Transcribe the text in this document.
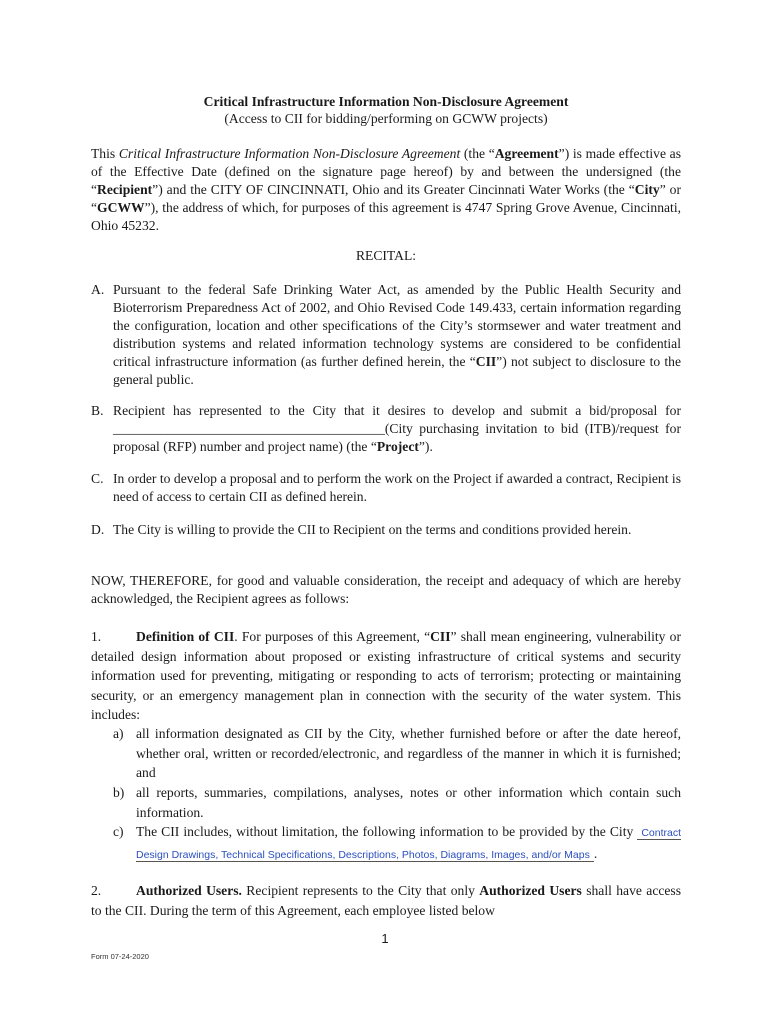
Critical Infrastructure Information Non-Disclosure Agreement
(Access to CII for bidding/performing on GCWW projects)
This Critical Infrastructure Information Non-Disclosure Agreement (the “Agreement”) is made effective as of the Effective Date (defined on the signature page hereof) by and between the undersigned (the “Recipient”) and the CITY OF CINCINNATI, Ohio and its Greater Cincinnati Water Works (the “City” or “GCWW”), the address of which, for purposes of this agreement is 4747 Spring Grove Avenue, Cincinnati, Ohio 45232.
RECITAL:
A. Pursuant to the federal Safe Drinking Water Act, as amended by the Public Health Security and Bioterrorism Preparedness Act of 2002, and Ohio Revised Code 149.433, certain information regarding the configuration, location and other specifications of the City’s stormsewer and water treatment and distribution systems and related information technology systems are considered to be confidential critical infrastructure information (as further defined herein, the “CII”) not subject to disclosure to the general public.
B. Recipient has represented to the City that it desires to develop and submit a bid/proposal for ________________________________________(City purchasing invitation to bid (ITB)/request for proposal (RFP) number and project name) (the “Project”).
C. In order to develop a proposal and to perform the work on the Project if awarded a contract, Recipient is need of access to certain CII as defined herein.
D. The City is willing to provide the CII to Recipient on the terms and conditions provided herein.
NOW, THEREFORE, for good and valuable consideration, the receipt and adequacy of which are hereby acknowledged, the Recipient agrees as follows:
1.	Definition of CII. For purposes of this Agreement, “CII” shall mean engineering, vulnerability or detailed design information about proposed or existing infrastructure of critical systems and security information used for preventing, mitigating or responding to acts of terrorism; protecting or maintaining security, or an emergency management plan in connection with the security of the water system. This includes:
a) all information designated as CII by the City, whether furnished before or after the date hereof, whether oral, written or recorded/electronic, and regardless of the manner in which it is furnished; and
b) all reports, summaries, compilations, analyses, notes or other information which contain such information.
c) The CII includes, without limitation, the following information to be provided by the City Contract Design Drawings, Technical Specifications, Descriptions, Photos, Diagrams, Images, and/or Maps .
2.	Authorized Users. Recipient represents to the City that only Authorized Users shall have access to the CII. During the term of this Agreement, each employee listed below
1
Form 07-24-2020
